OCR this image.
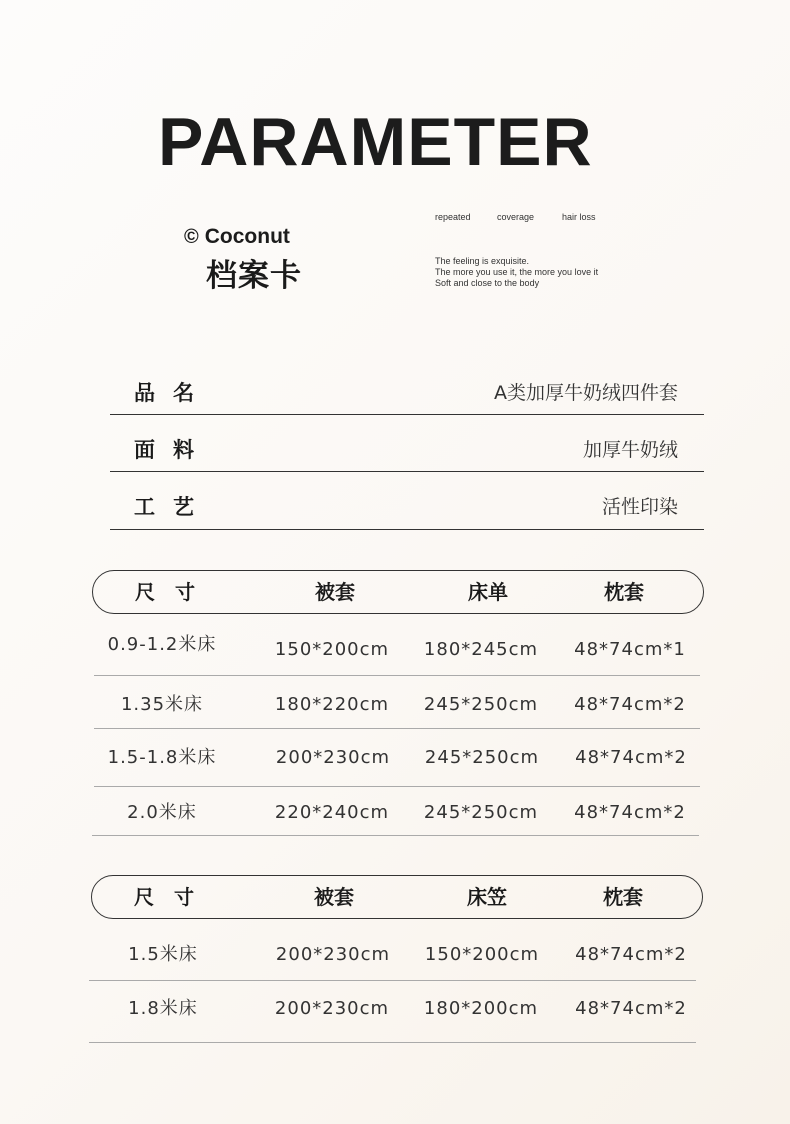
PARAMETER
© Coconut
档案卡
repeated	coverage	hair loss
The feeling is exquisite.
The more you use it, the more you love it
Soft and close to the body
品名	A类加厚牛奶绒四件套
面料	加厚牛奶绒
工艺	活性印染
尺寸	被套	床单	枕套
0.9-1.2米床	150*200cm 180*245cm 48*74cm*1
1.35米床	180*220cm 245*250cm 48*74cm*2
1.5-1.8米床	200*230cm 245*250cm 48*74cm*2
2.0米床	220*240cm 245*250cm 48*74cm*2
尺寸	被套	床笠	枕套
1.5米床	200*230cm 150*200cm 48*74cm*2
1.8米床	200*230cm 180*200cm 48*74cm*2
